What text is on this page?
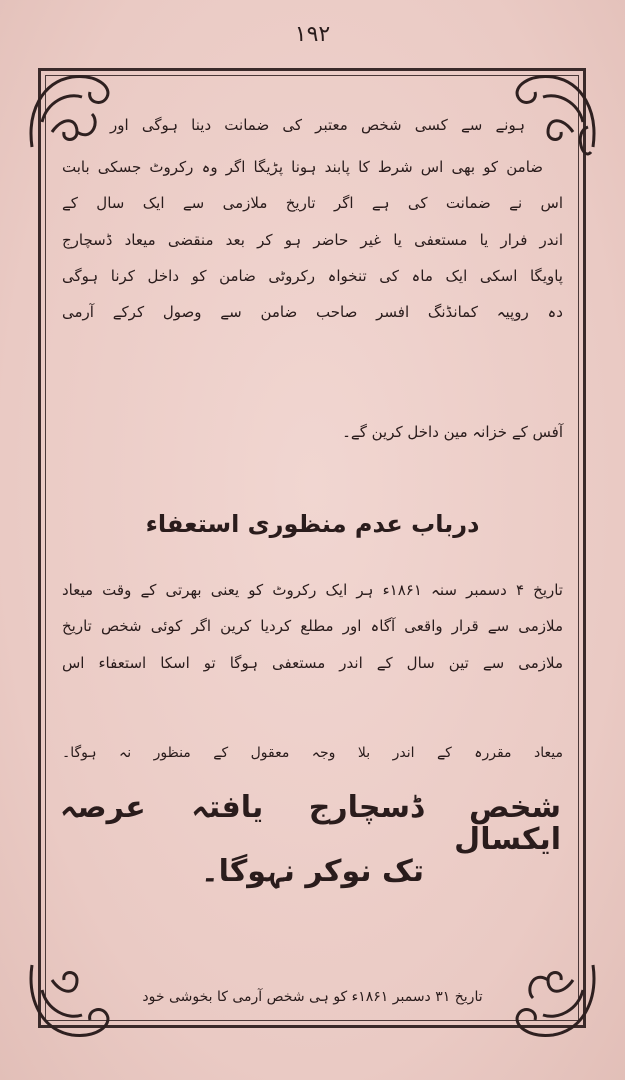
۱۹۲
ہونے سے کسی شخص معتبر کی ضمانت دینا ہوگی اور
ضامن کو بھی اس شرط کا پابند ہونا پڑیگا اگر وہ رکروٹ جسکی بابت
اس نے ضمانت کی ہے اگر تاریخ ملازمی سے ایک سال کے
اندر فرار یا مستعفی یا غیر حاضر ہو کر بعد منقضی میعاد ڈسچارج
پاویگا اسکی ایک ماہ کی تنخواہ رکروٹی ضامن کو داخل کرنا ہوگی
دہ روپیہ کمانڈنگ افسر صاحب ضامن سے وصول کرکے آرمی
آفس کے خزانہ مین داخل کرین گے۔
درباب عدم منظوری استعفاء
تاریخ ۴ دسمبر سنہ ۱۸۶۱ء ہر ایک رکروٹ کو یعنی بھرتی کے وقت میعاد
ملازمی سے قرار واقعی آگاہ اور مطلع کردیا کرین اگر کوئی شخص تاریخ
ملازمی سے تین سال کے اندر مستعفی ہوگا تو اسکا استعفاء اس
میعاد مقررہ کے اندر بلا وجہ معقول کے منظور نہ ہوگا۔
شخص ڈسچارج یافتہ عرصہ ایکسال
تک نوکر نہوگا۔
تاریخ ۳۱ دسمبر ۱۸۶۱ء کو ہی شخص آرمی کا بخوشی خود
